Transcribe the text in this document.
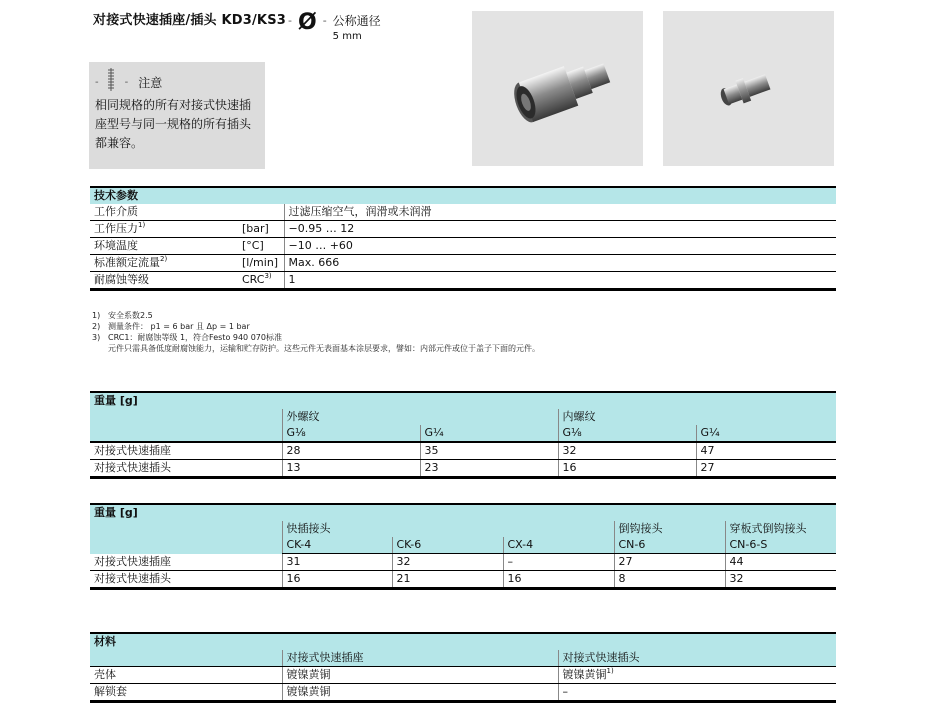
对接式快速插座/插头 KD3/KS3 - Ø - 公称通径
5 mm
-	- 注意
相同规格的所有对接式快速插座型号与同一规格的所有插头都兼容。
技术参数		
工作介质		过滤压缩空气，润滑或未润滑
工作压力$^{1)}$	[bar]	−0.95 … 12
环境温度	[°C]	−10 … +60
标准额定流量$^{2)}$	[l/min]	Max. 666
耐腐蚀等级	CRC$^{3)}$	1
1) 安全系数2.5
2) 测量条件： p1 = 6 bar 且 Δp = 1 bar
3) CRC1：耐腐蚀等级 1，符合Festo 940 070标准
元件只需具备低度耐腐蚀能力，运输和贮存防护。这些元件无表面基本涂层要求，譬如：内部元件或位于盖子下面的元件。
重量 [g]				
	外螺纹		内螺纹	
	G⅛	G¼	G⅛	G¼
对接式快速插座	28	35	32	47
对接式快速插头	13	23	16	27
重量 [g]					
	快插接头			倒钩接头	穿板式倒钩接头
	CK-4	CK-6	CX-4	CN-6	CN-6-S
对接式快速插座	31	32	–	27	44
对接式快速插头	16	21	16	8	32
材料		
	对接式快速插座	对接式快速插头
壳体	镀镍黄铜	镀镍黄铜$^{1)}$
解锁套	镀镍黄铜	–
